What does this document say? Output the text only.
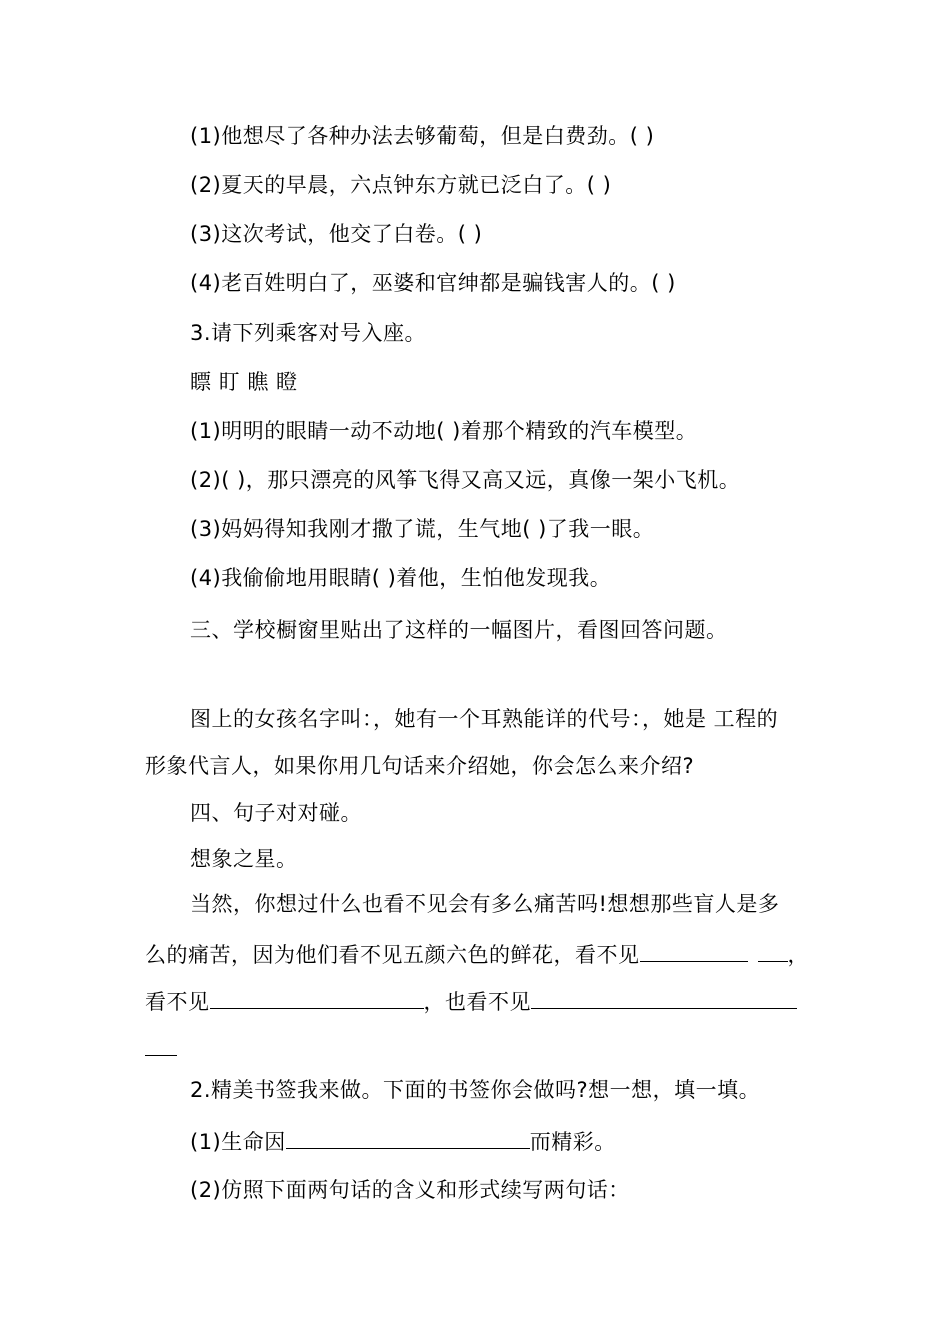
(1)他想尽了各种办法去够葡萄，但是白费劲。( )
(2)夏天的早晨，六点钟东方就已泛白了。( )
(3)这次考试，他交了白卷。( )
(4)老百姓明白了，巫婆和官绅都是骗钱害人的。( )
3.请下列乘客对号入座。
瞟 盯 瞧 瞪
(1)明明的眼睛一动不动地( )着那个精致的汽车模型。
(2)( )，那只漂亮的风筝飞得又高又远，真像一架小飞机。
(3)妈妈得知我刚才撒了谎，生气地( )了我一眼。
(4)我偷偷地用眼睛( )着他，生怕他发现我。
三、学校橱窗里贴出了这样的一幅图片，看图回答问题。
图上的女孩名字叫：，她有一个耳熟能详的代号：，她是 工程的
形象代言人，如果你用几句话来介绍她，你会怎么来介绍?
四、句子对对碰。
想象之星。
当然，你想过什么也看不见会有多么痛苦吗!想想那些盲人是多
么的痛苦，因为他们看不见五颜六色的鲜花，看不见	，
看不见	，也看不见
2.精美书签我来做。下面的书签你会做吗?想一想，填一填。
(1)生命因	而精彩。
(2)仿照下面两句话的含义和形式续写两句话：
